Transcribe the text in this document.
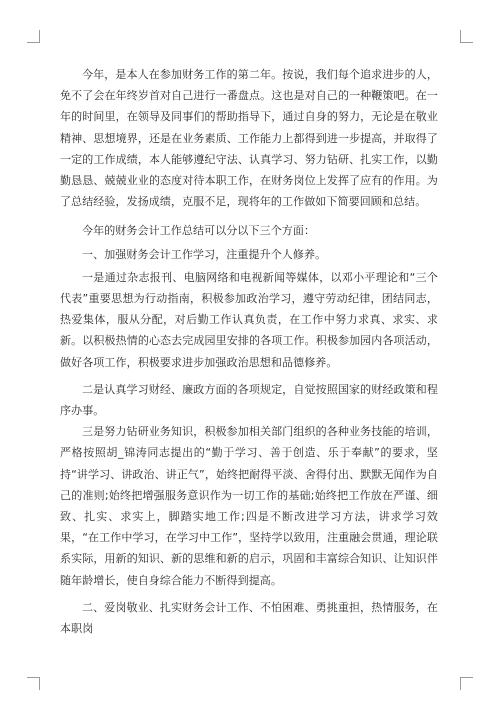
今年，是本人在参加财务工作的第二年。按说，我们每个追求进步的人，免不了会在年终岁首对自己进行一番盘点。这也是对自己的一种鞭策吧。在一年的时间里，在领导及同事们的帮助指导下，通过自身的努力，无论是在敬业精神、思想境界，还是在业务素质、工作能力上都得到进一步提高，并取得了一定的工作成绩，本人能够遵纪守法、认真学习、努力钻研、扎实工作，以勤勤恳恳、兢兢业业的态度对待本职工作，在财务岗位上发挥了应有的作用。为了总结经验，发扬成绩，克服不足，现将年的工作做如下简要回顾和总结。

今年的财务会计工作总结可以分以下三个方面：

一、加强财务会计工作学习，注重提升个人修养。

一是通过杂志报刊、电脑网络和电视新闻等媒体，以邓小平理论和“三个代表”重要思想为行动指南，积极参加政治学习，遵守劳动纪律，团结同志，热爱集体，服从分配，对后勤工作认真负责，在工作中努力求真、求实、求新。以积极热情的心态去完成园里安排的各项工作。积极参加园内各项活动，做好各项工作，积极要求进步加强政治思想和品德修养。

二是认真学习财经、廉政方面的各项规定，自觉按照国家的财经政策和程序办事。

三是努力钻研业务知识，积极参加相关部门组织的各种业务技能的培训，严格按照胡_锦涛同志提出的“勤于学习、善于创造、乐于奉献”的要求，坚持“讲学习、讲政治、讲正气”，始终把耐得平淡、舍得付出、默默无闻作为自己的准则;始终把增强服务意识作为一切工作的基础;始终把工作放在严谨、细致、扎实、求实上，脚踏实地工作;四是不断改进学习方法，讲求学习效果，“在工作中学习，在学习中工作”，坚持学以致用，注重融会贯通，理论联系实际，用新的知识、新的思维和新的启示，巩固和丰富综合知识、让知识伴随年龄增长，使自身综合能力不断得到提高。

二、爱岗敬业、扎实财务会计工作、不怕困难、勇挑重担，热情服务，在本职岗
